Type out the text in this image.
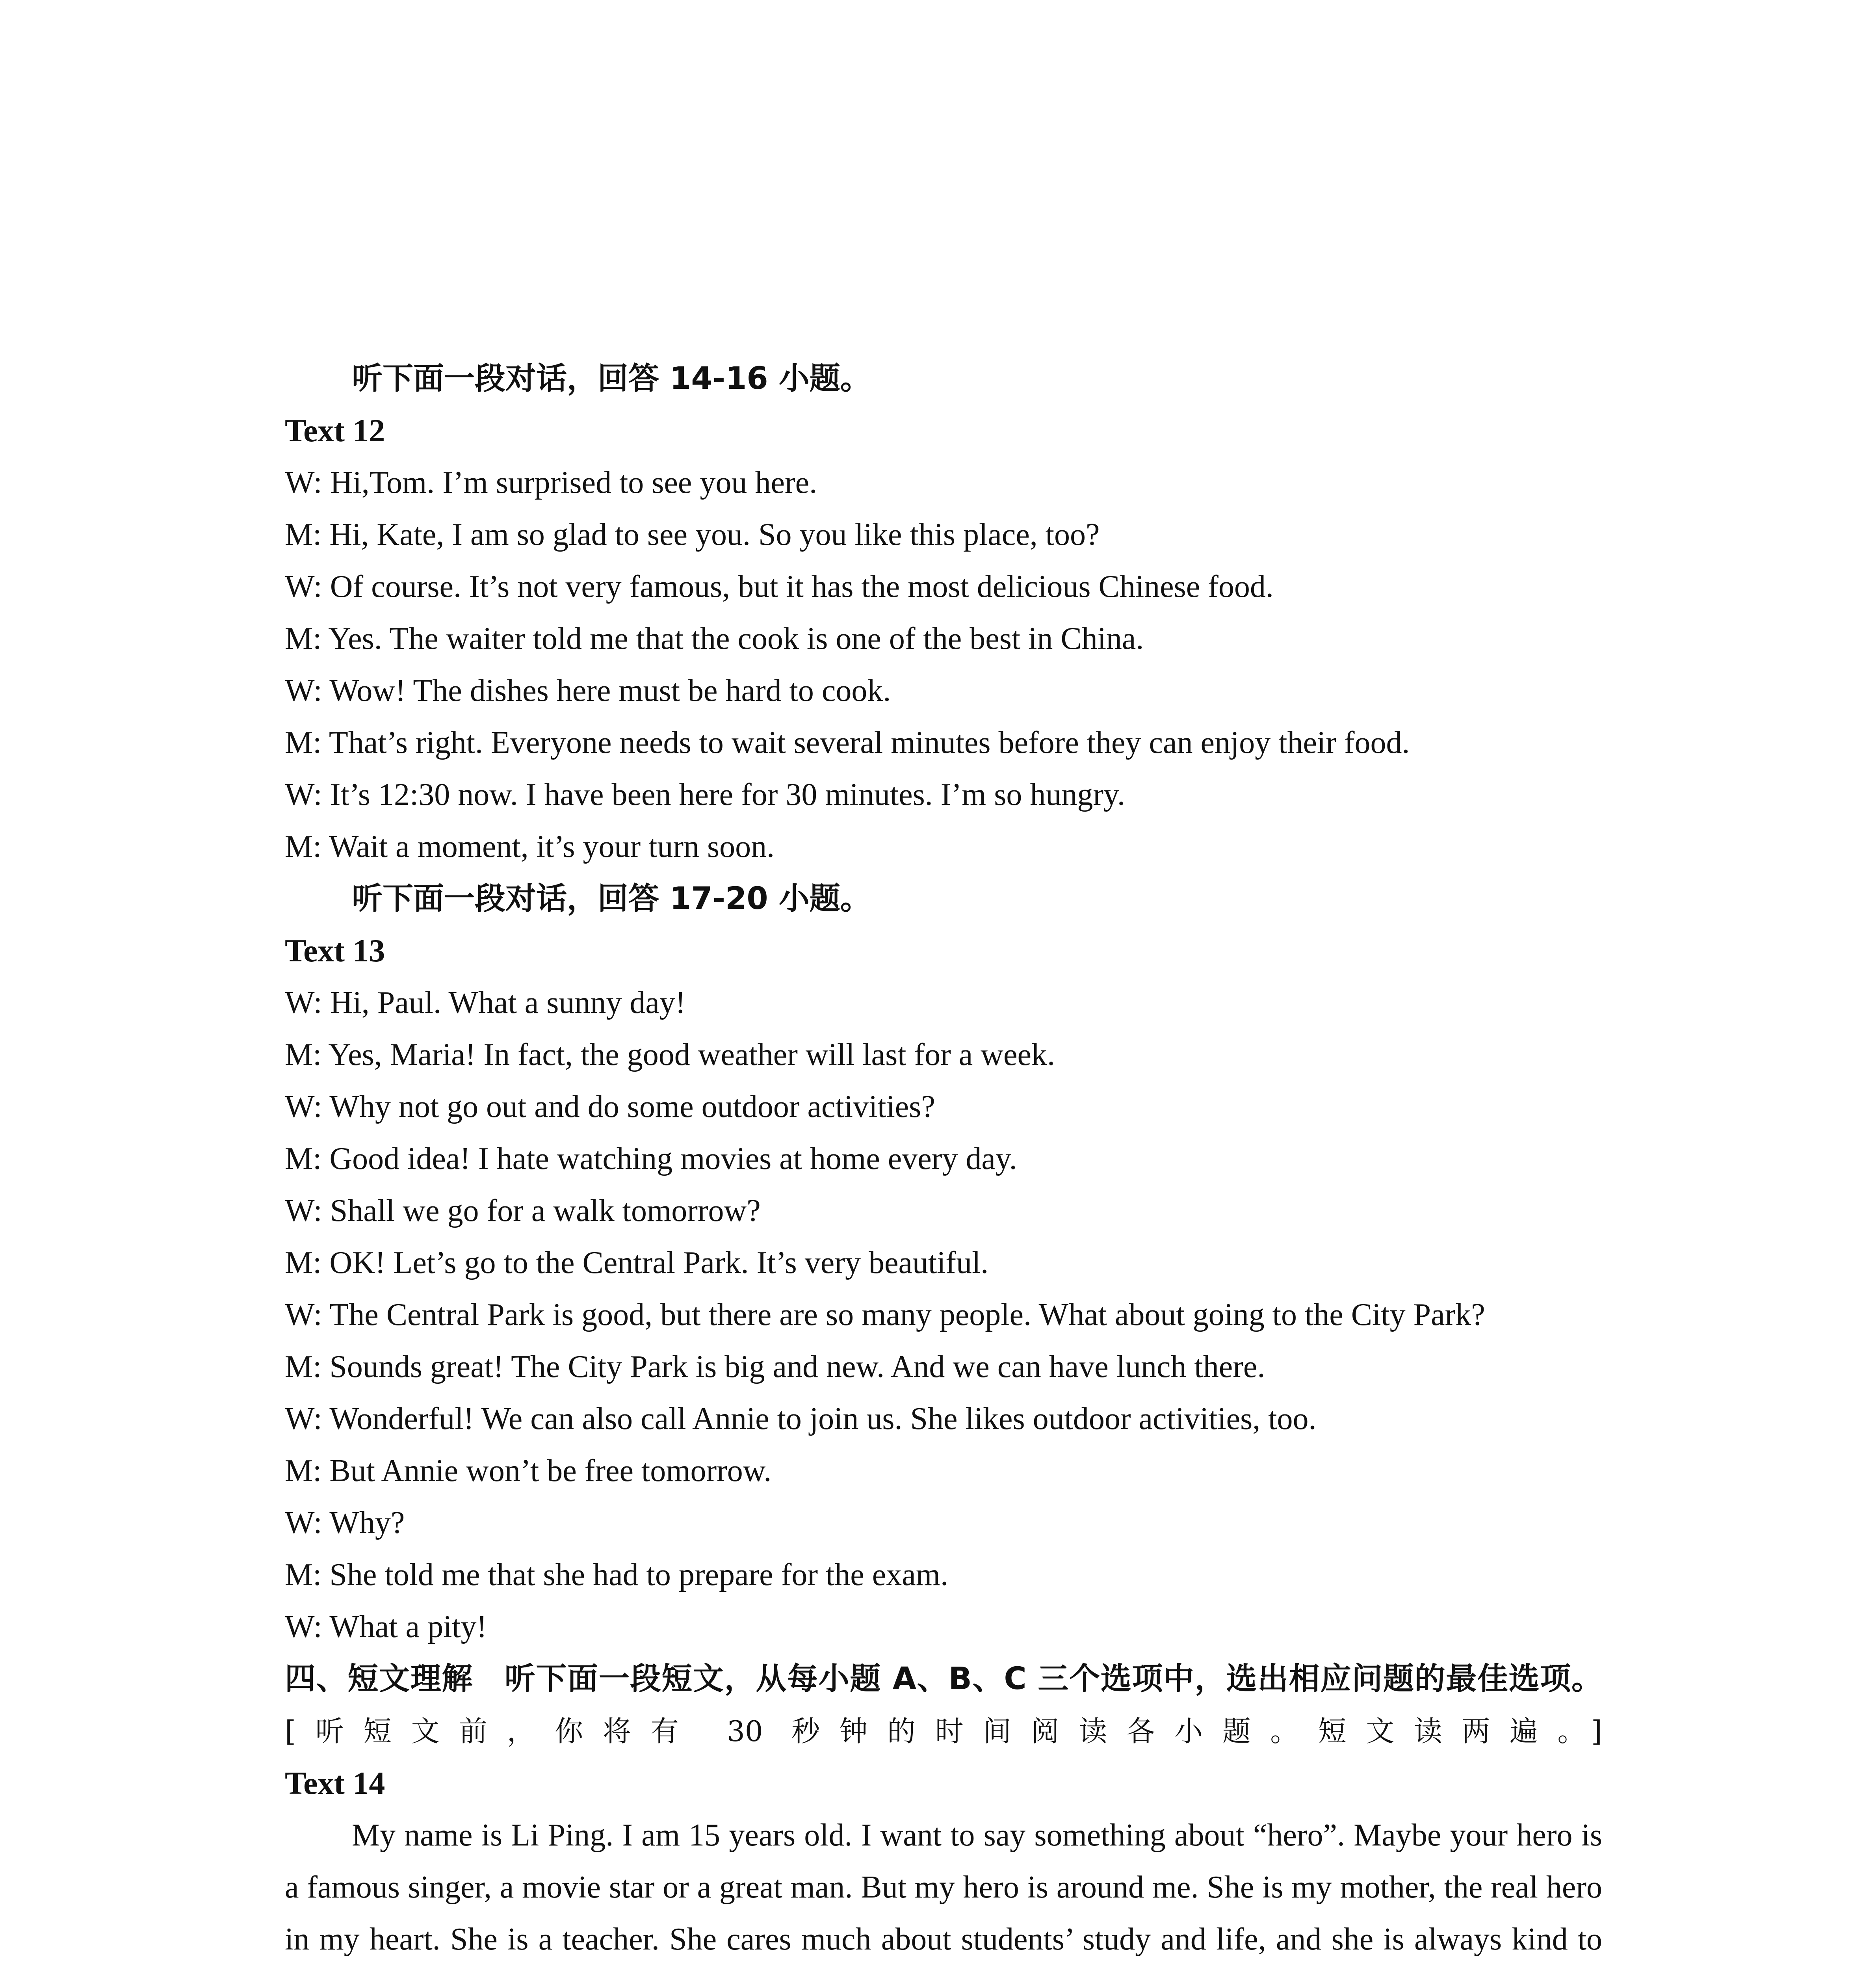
听下面一段对话，回答 14-16 小题。
Text 12
W: Hi,Tom. I’m surprised to see you here.
M: Hi, Kate, I am so glad to see you. So you like this place, too?
W: Of course. It’s not very famous, but it has the most delicious Chinese food.
M: Yes. The waiter told me that the cook is one of the best in China.
W: Wow! The dishes here must be hard to cook.
M: That’s right. Everyone needs to wait several minutes before they can enjoy their food.
W: It’s 12:30 now. I have been here for 30 minutes. I’m so hungry.
M: Wait a moment, it’s your turn soon.
听下面一段对话，回答 17-20 小题。
Text 13
W: Hi, Paul. What a sunny day!
M: Yes, Maria! In fact, the good weather will last for a week.
W: Why not go out and do some outdoor activities?
M: Good idea! I hate watching movies at home every day.
W: Shall we go for a walk tomorrow?
M: OK! Let’s go to the Central Park. It’s very beautiful.
W: The Central Park is good, but there are so many people. What about going to the City Park?
M: Sounds great! The City Park is big and new. And we can have lunch there.
W: Wonderful! We can also call Annie to join us. She likes outdoor activities, too.
M: But Annie won’t be free tomorrow.
W: Why?
M: She told me that she had to prepare for the exam.
W: What a pity!
四、短文理解　听下面一段短文，从每小题 A、B、C 三个选项中，选出相应问题的最佳选项。[听短文前，你将有 30 秒钟的时间阅读各小题。短文读两遍。]
Text 14

My name is Li Ping. I am 15 years old. I want to say something about “hero”. Maybe your hero is a famous singer, a movie star or a great man. But my hero is around me. She is my mother, the real hero in my heart. She is a teacher. She cares much about students’ study and life, and she is always kind to
